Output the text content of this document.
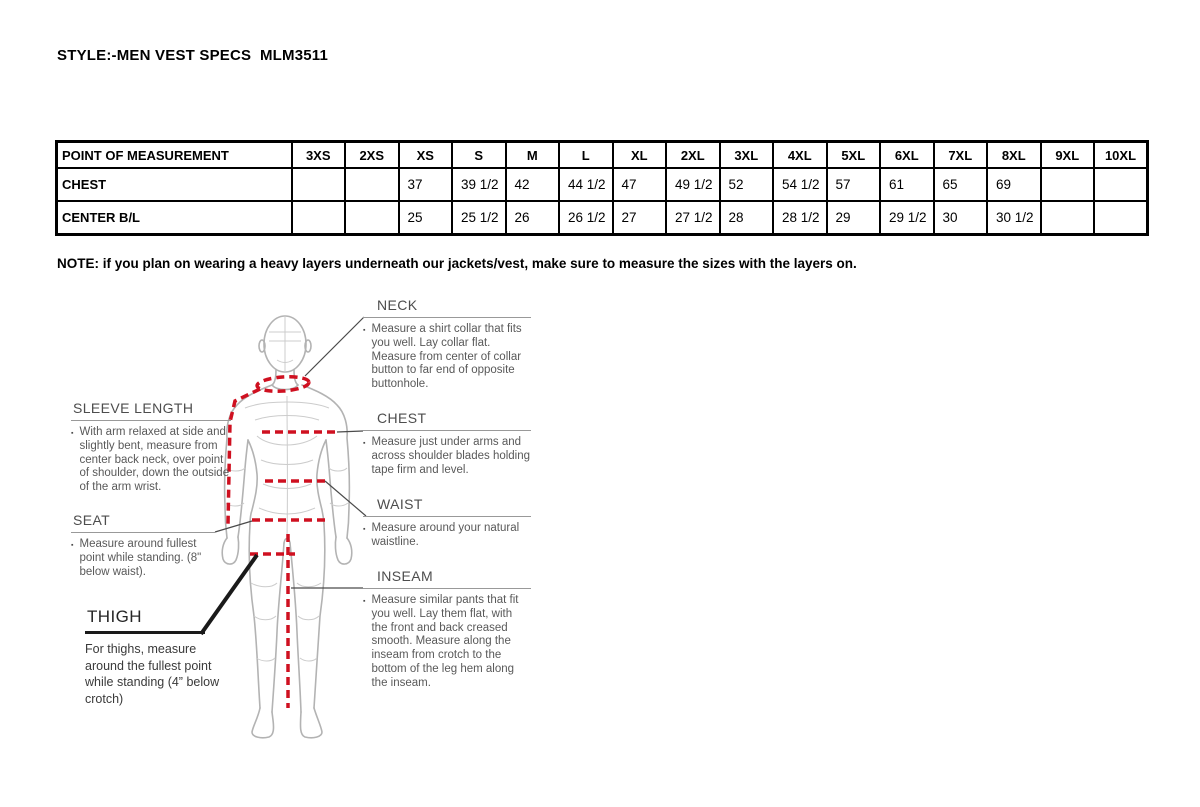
STYLE:-MEN VEST SPECS  MLM3511
POINT OF MEASUREMENT	3XS	2XS	XS	S	M	L	XL	2XL	3XL	4XL	5XL	6XL	7XL	8XL	9XL	10XL
CHEST			37	39 1/2	42	44 1/2	47	49 1/2	52	54 1/2	57	61	65	69		
CENTER B/L			25	25 1/2	26	26 1/2	27	27 1/2	28	28 1/2	29	29 1/2	30	30 1/2		
NOTE: if you plan on wearing a heavy layers underneath our jackets/vest, make sure to measure the sizes with the layers on.
NECK
▪ Measure a shirt collar that fits you well. Lay collar flat. Measure from center of collar button to far end of opposite buttonhole.
CHEST
▪ Measure just under arms and across shoulder blades holding tape firm and level.
WAIST
▪ Measure around your natural waistline.
INSEAM
▪ Measure similar pants that fit you well. Lay them flat, with the front and back creased smooth. Measure along the inseam from crotch to the bottom of the leg hem along the inseam.
SLEEVE LENGTH
▪ With arm relaxed at side and slightly bent, measure from center back neck, over point of shoulder, down the outside of the arm wrist.
SEAT
▪ Measure around fullest point while standing. (8" below waist).
THIGH
For thighs, measure around the fullest point while standing (4” below crotch)
